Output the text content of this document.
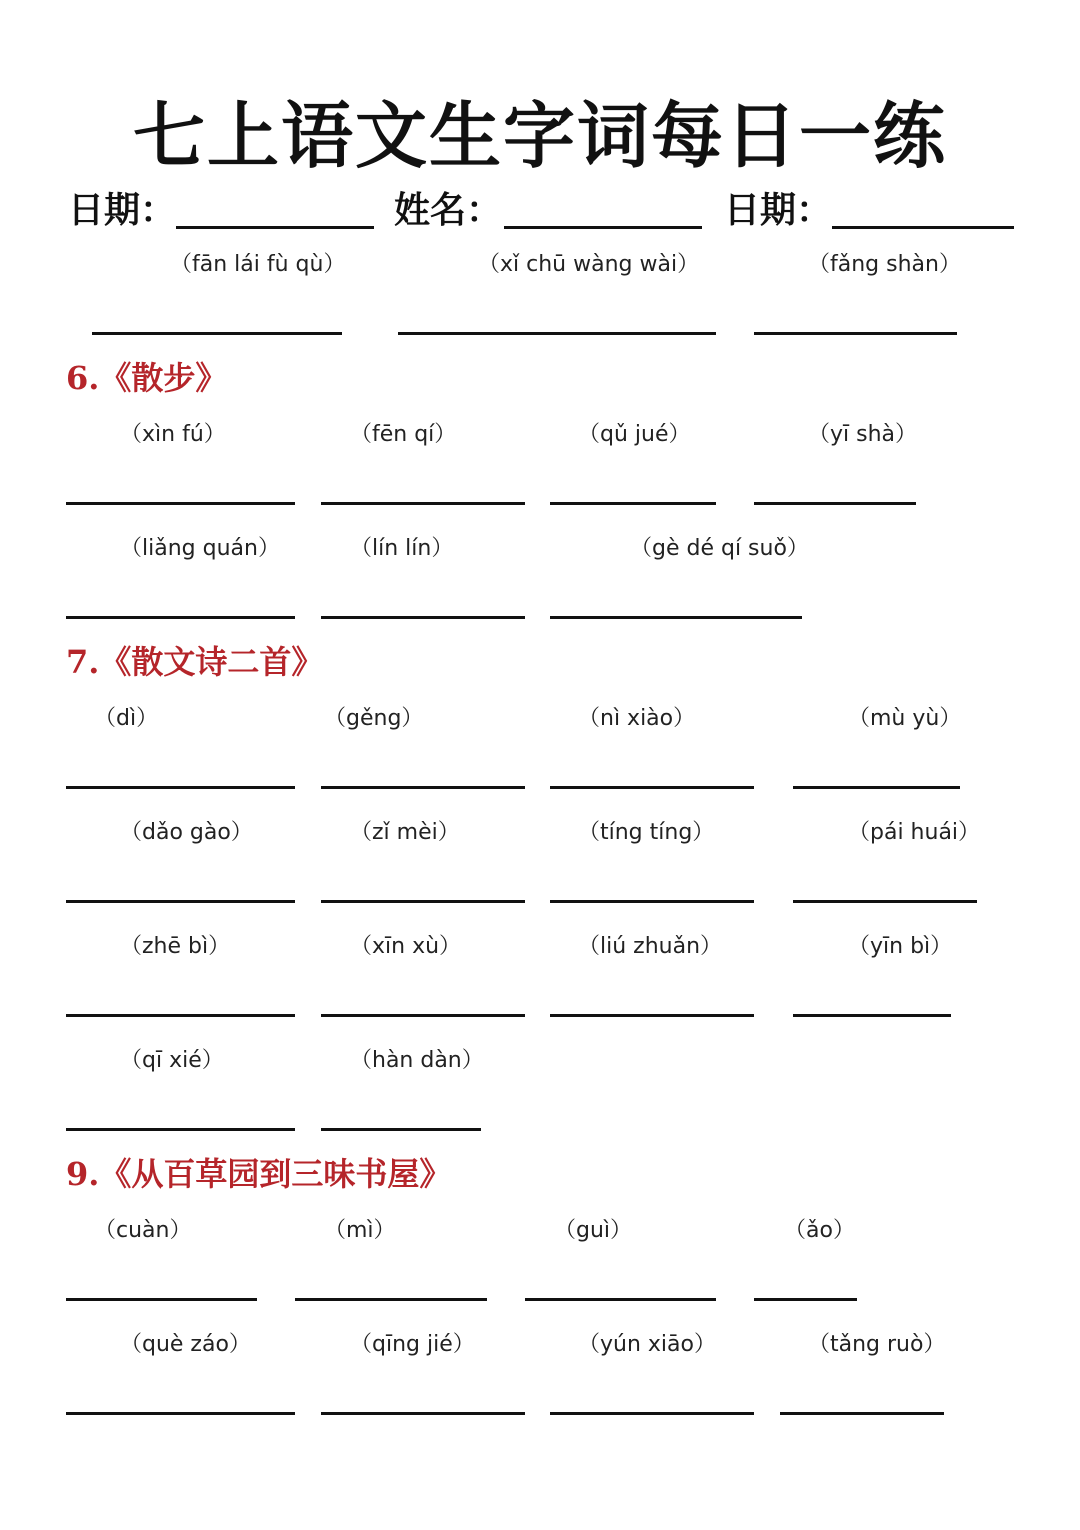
七上语文生字词每日一练
日期：	姓名：	日期：
（fān lái fù qù）	（xǐ chū wàng wài）	（fǎng shàn）
6.《散步》
（xìn fú）	（fēn qí）	（qǔ jué）	（yī shà）
（liǎng quán）	（lín lín）	（gè dé qí suǒ）
7.《散文诗二首》
（dì）	（gěng）	（nì xiào）	（mù yù）
（dǎo gào）	（zǐ mèi）	（tíng tíng）	（pái huái）
（zhē bì）	（xīn xù）	（liú zhuǎn）	（yīn bì）
（qī xié）	（hàn dàn）
9.《从百草园到三味书屋》
（cuàn）	（mì）	（guì）	（ǎo）
（què záo）	（qīng jié）	（yún xiāo）	（tǎng ruò）
